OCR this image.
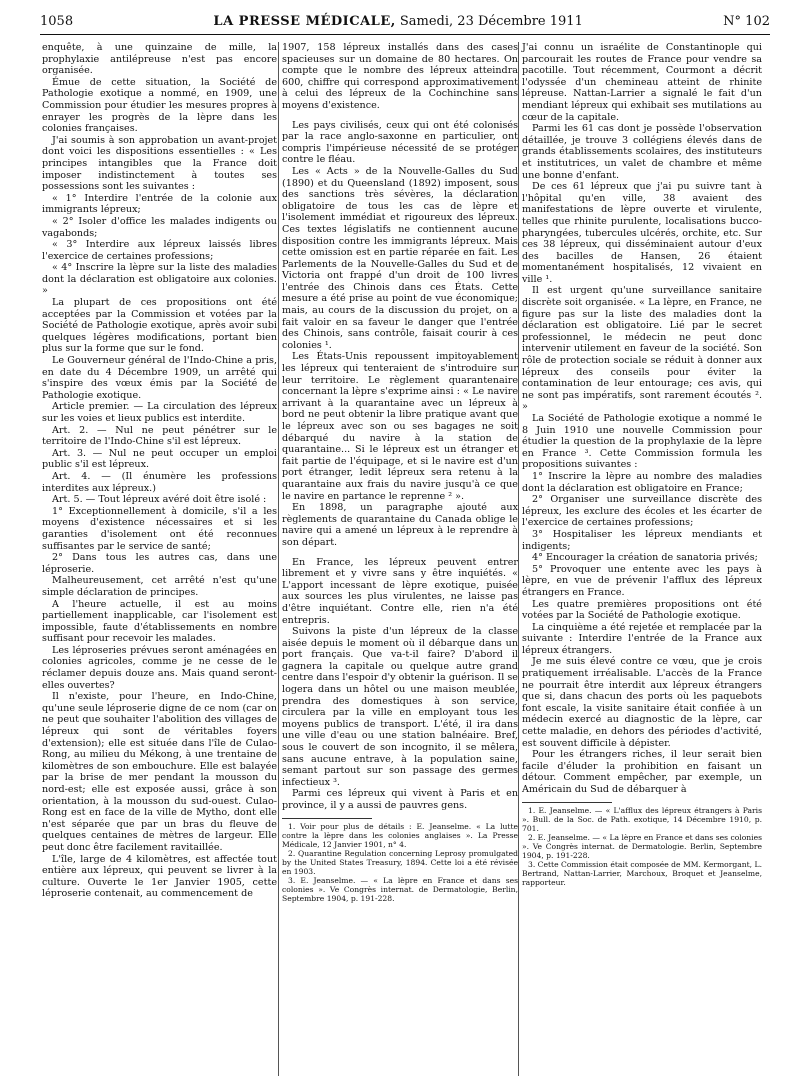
1058	LA PRESSE MÉDICALE, Samedi, 23 Décembre 1911	N° 102

enquête, à une quinzaine de mille, la prophylaxie antilépreuse n'est pas encore organisée.

Émue de cette situation, la Société de Pathologie exotique a nommé, en 1909, une Commission pour étudier les mesures propres à enrayer les progrès de la lèpre dans les colonies françaises.

J'ai soumis à son approbation un avant-projet dont voici les dispositions essentielles : « Les principes intangibles que la France doit imposer indistinctement à toutes ses possessions sont les suivantes :

« 1° Interdire l'entrée de la colonie aux immigrants lépreux;

« 2° Isoler d'office les malades indigents ou vagabonds;

« 3° Interdire aux lépreux laissés libres l'exercice de certaines professions;

« 4° Inscrire la lèpre sur la liste des maladies dont la déclaration est obligatoire aux colonies. »

La plupart de ces propositions ont été acceptées par la Commission et votées par la Société de Pathologie exotique, après avoir subi quelques légères modifications, portant bien plus sur la forme que sur le fond.

Le Gouverneur général de l'Indo-Chine a pris, en date du 4 Décembre 1909, un arrêté qui s'inspire des vœux émis par la Société de Pathologie exotique.

Article premier. — La circulation des lépreux sur les voies et lieux publics est interdite.

Art. 2. — Nul ne peut pénétrer sur le territoire de l'Indo-Chine s'il est lépreux.

Art. 3. — Nul ne peut occuper un emploi public s'il est lépreux.

Art. 4. — (Il énumère les professions interdites aux lépreux.)

Art. 5. — Tout lépreux avéré doit être isolé :

1° Exceptionnellement à domicile, s'il a les moyens d'existence nécessaires et si les garanties d'isolement ont été reconnues suffisantes par le service de santé;

2° Dans tous les autres cas, dans une léproserie.

Malheureusement, cet arrêté n'est qu'une simple déclaration de principes.

A l'heure actuelle, il est au moins partiellement inapplicable, car l'isolement est impossible, faute d'établissements en nombre suffisant pour recevoir les malades.

Les léproseries prévues seront aménagées en colonies agricoles, comme je ne cesse de le réclamer depuis douze ans. Mais quand seront-elles ouvertes?

Il n'existe, pour l'heure, en Indo-Chine, qu'une seule léproserie digne de ce nom (car on ne peut que souhaiter l'abolition des villages de lépreux qui sont de véritables foyers d'extension); elle est située dans l'île de Culao-Rong, au milieu du Mékong, à une trentaine de kilomètres de son embouchure. Elle est balayée par la brise de mer pendant la mousson du nord-est; elle est exposée aussi, grâce à son orientation, à la mousson du sud-ouest. Culao-Rong est en face de la ville de Mytho, dont elle n'est séparée que par un bras du fleuve de quelques centaines de mètres de largeur. Elle peut donc être facilement ravitaillée.

L'île, large de 4 kilomètres, est affectée tout entière aux lépreux, qui peuvent se livrer à la culture. Ouverte le 1er Janvier 1905, cette léproserie contenait, au commencement de

1907, 158 lépreux installés dans des cases spacieuses sur un domaine de 80 hectares. On compte que le nombre des lépreux atteindra 600, chiffre qui correspond approximativement à celui des lépreux de la Cochinchine sans moyens d'existence.

Les pays civilisés, ceux qui ont été colonisés par la race anglo-saxonne en particulier, ont compris l'impérieuse nécessité de se protéger contre le fléau.

Les « Acts » de la Nouvelle-Galles du Sud (1890) et du Queensland (1892) imposent, sous des sanctions très sévères, la déclaration obligatoire de tous les cas de lèpre et l'isolement immédiat et rigoureux des lépreux. Ces textes législatifs ne contiennent aucune disposition contre les immigrants lépreux. Mais cette omission est en partie réparée en fait. Les Parlements de la Nouvelle-Galles du Sud et de Victoria ont frappé d'un droit de 100 livres l'entrée des Chinois dans ces États. Cette mesure a été prise au point de vue économique; mais, au cours de la discussion du projet, on a fait valoir en sa faveur le danger que l'entrée des Chinois, sans contrôle, faisait courir à ces colonies ¹.

Les États-Unis repoussent impitoyablement les lépreux qui tenteraient de s'introduire sur leur territoire. Le règlement quarantenaire concernant la lèpre s'exprime ainsi : « Le navire arrivant à la quarantaine avec un lépreux à bord ne peut obtenir la libre pratique avant que le lépreux avec son ou ses bagages ne soit débarqué du navire à la station de quarantaine... Si le lépreux est un étranger et fait partie de l'équipage, et si le navire est d'un port étranger, ledit lépreux sera retenu à la quarantaine aux frais du navire jusqu'à ce que le navire en partance le reprenne ² ».

En 1898, un paragraphe ajouté aux règlements de quarantaine du Canada oblige le navire qui a amené un lépreux à le reprendre à son départ.

En France, les lépreux peuvent entrer librement et y vivre sans y être inquiétés. « L'apport incessant de lèpre exotique, puisée aux sources les plus virulentes, ne laisse pas d'être inquiétant. Contre elle, rien n'a été entrepris.

Suivons la piste d'un lépreux de la classe aisée depuis le moment où il débarque dans un port français. Que va-t-il faire? D'abord il gagnera la capitale ou quelque autre grand centre dans l'espoir d'y obtenir la guérison. Il se logera dans un hôtel ou une maison meublée, prendra des domestiques à son service, circulera par la ville en employant tous les moyens publics de transport. L'été, il ira dans une ville d'eau ou une station balnéaire. Bref, sous le couvert de son incognito, il se mêlera, sans aucune entrave, à la population saine, semant partout sur son passage des germes infectieux ³.

Parmi ces lépreux qui vivent à Paris et en province, il y a aussi de pauvres gens.

1. Voir pour plus de détails : E. Jeanselme. « La lutte contre la lèpre dans les colonies anglaises ». La Presse Médicale, 12 Janvier 1901, n° 4.

2. Quarantine Regulation concerning Leprosy promulgated by the United States Treasury, 1894. Cette loi a été révisée en 1903.

3. E. Jeanselme. — « La lèpre en France et dans ses colonies ». Ve Congrès internat. de Dermatologie, Berlin, Septembre 1904, p. 191-228.

J'ai connu un israélite de Constantinople qui parcourait les routes de France pour vendre sa pacotille. Tout récemment, Courmont a décrit l'odyssée d'un chemineau atteint de rhinite lépreuse. Nattan-Larrier a signalé le fait d'un mendiant lépreux qui exhibait ses mutilations au cœur de la capitale.

Parmi les 61 cas dont je possède l'observation détaillée, je trouve 3 collégiens élevés dans de grands établissements scolaires, des instituteurs et institutrices, un valet de chambre et même une bonne d'enfant.

De ces 61 lépreux que j'ai pu suivre tant à l'hôpital qu'en ville, 38 avaient des manifestations de lèpre ouverte et virulente, telles que rhinite purulente, localisations bucco-pharyngées, tubercules ulcérés, orchite, etc. Sur ces 38 lépreux, qui disséminaient autour d'eux des bacilles de Hansen, 26 étaient momentanément hospitalisés, 12 vivaient en ville ¹.

Il est urgent qu'une surveillance sanitaire discrète soit organisée. « La lèpre, en France, ne figure pas sur la liste des maladies dont la déclaration est obligatoire. Lié par le secret professionnel, le médecin ne peut donc intervenir utilement en faveur de la société. Son rôle de protection sociale se réduit à donner aux lépreux des conseils pour éviter la contamination de leur entourage; ces avis, qui ne sont pas impératifs, sont rarement écoutés ². »

La Société de Pathologie exotique a nommé le 8 Juin 1910 une nouvelle Commission pour étudier la question de la prophylaxie de la lèpre en France ³. Cette Commission formula les propositions suivantes :

1° Inscrire la lèpre au nombre des maladies dont la déclaration est obligatoire en France;

2° Organiser une surveillance discrète des lépreux, les exclure des écoles et les écarter de l'exercice de certaines professions;

3° Hospitaliser les lépreux mendiants et indigents;

4° Encourager la création de sanatoria privés;

5° Provoquer une entente avec les pays à lèpre, en vue de prévenir l'afflux des lépreux étrangers en France.

Les quatre premières propositions ont été votées par la Société de Pathologie exotique.

La cinquième a été rejetée et remplacée par la suivante : Interdire l'entrée de la France aux lépreux étrangers.

Je me suis élevé contre ce vœu, que je crois pratiquement irréalisable. L'accès de la France ne pourrait être interdit aux lépreux étrangers que si, dans chacun des ports où les paquebots font escale, la visite sanitaire était confiée à un médecin exercé au diagnostic de la lèpre, car cette maladie, en dehors des périodes d'activité, est souvent difficile à dépister.

Pour les étrangers riches, il leur serait bien facile d'éluder la prohibition en faisant un détour. Comment empêcher, par exemple, un Américain du Sud de débarquer à

1. E. Jeanselme. — « L'afflux des lépreux étrangers à Paris ». Bull. de la Soc. de Path. exotique, 14 Décembre 1910, p. 701.

2. E. Jeanselme. — « La lèpre en France et dans ses colonies ». Ve Congrès internat. de Dermatologie. Berlin, Septembre 1904, p. 191-228.

3. Cette Commission était composée de MM. Kermorgant, L. Bertrand, Nattan-Larrier, Marchoux, Broquet et Jeanselme, rapporteur.
